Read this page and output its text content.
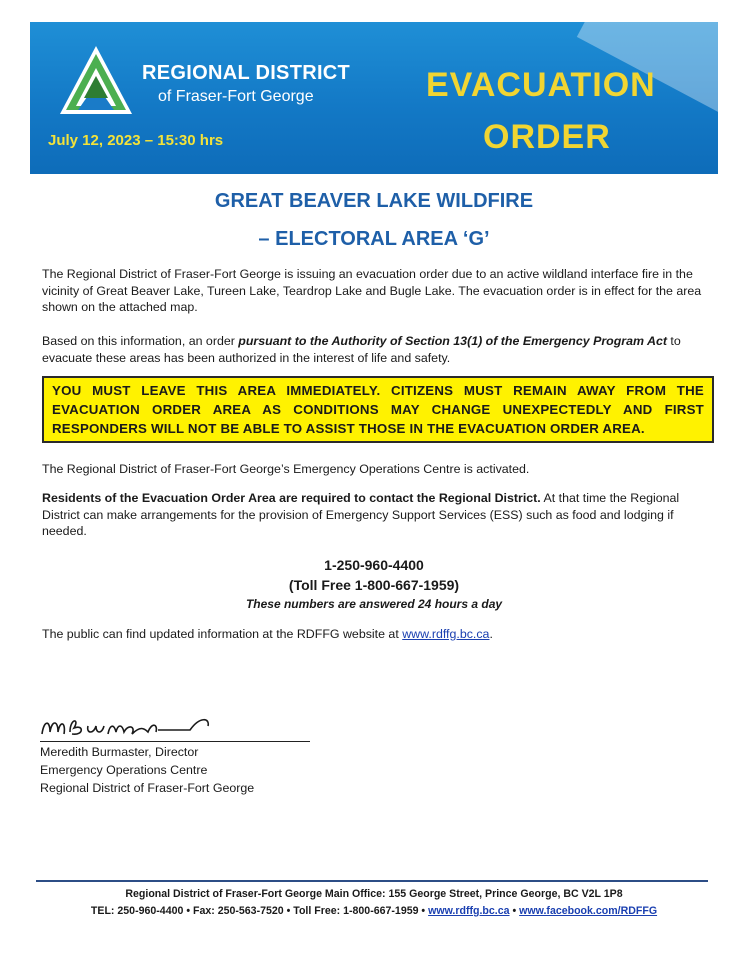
REGIONAL DISTRICT
of Fraser-Fort George
July 12, 2023 – 15:30 hrs
EVACUATION
ORDER
GREAT BEAVER LAKE WILDFIRE
– ELECTORAL AREA ‘G’
The Regional District of Fraser-Fort George is issuing an evacuation order due to an active wildland interface fire in the vicinity of Great Beaver Lake, Tureen Lake, Teardrop Lake and Bugle Lake. The evacuation order is in effect for the area shown on the attached map.
Based on this information, an order pursuant to the Authority of Section 13(1) of the Emergency Program Act to evacuate these areas has been authorized in the interest of life and safety.
YOU MUST LEAVE THIS AREA IMMEDIATELY. CITIZENS MUST REMAIN AWAY FROM THE EVACUATION ORDER AREA AS CONDITIONS MAY CHANGE UNEXPECTEDLY AND FIRST RESPONDERS WILL NOT BE ABLE TO ASSIST THOSE IN THE EVACUATION ORDER AREA.
The Regional District of Fraser-Fort George’s Emergency Operations Centre is activated.
Residents of the Evacuation Order Area are required to contact the Regional District. At that time the Regional District can make arrangements for the provision of Emergency Support Services (ESS) such as food and lodging if needed.
1-250-960-4400
(Toll Free 1-800-667-1959)
These numbers are answered 24 hours a day
The public can find updated information at the RDFFG website at www.rdffg.bc.ca.
Meredith Burmaster, Director
Emergency Operations Centre
Regional District of Fraser-Fort George
Regional District of Fraser-Fort George Main Office: 155 George Street, Prince George, BC V2L 1P8
TEL: 250-960-4400 • Fax: 250-563-7520 • Toll Free: 1-800-667-1959 • www.rdffg.bc.ca • www.facebook.com/RDFFG
